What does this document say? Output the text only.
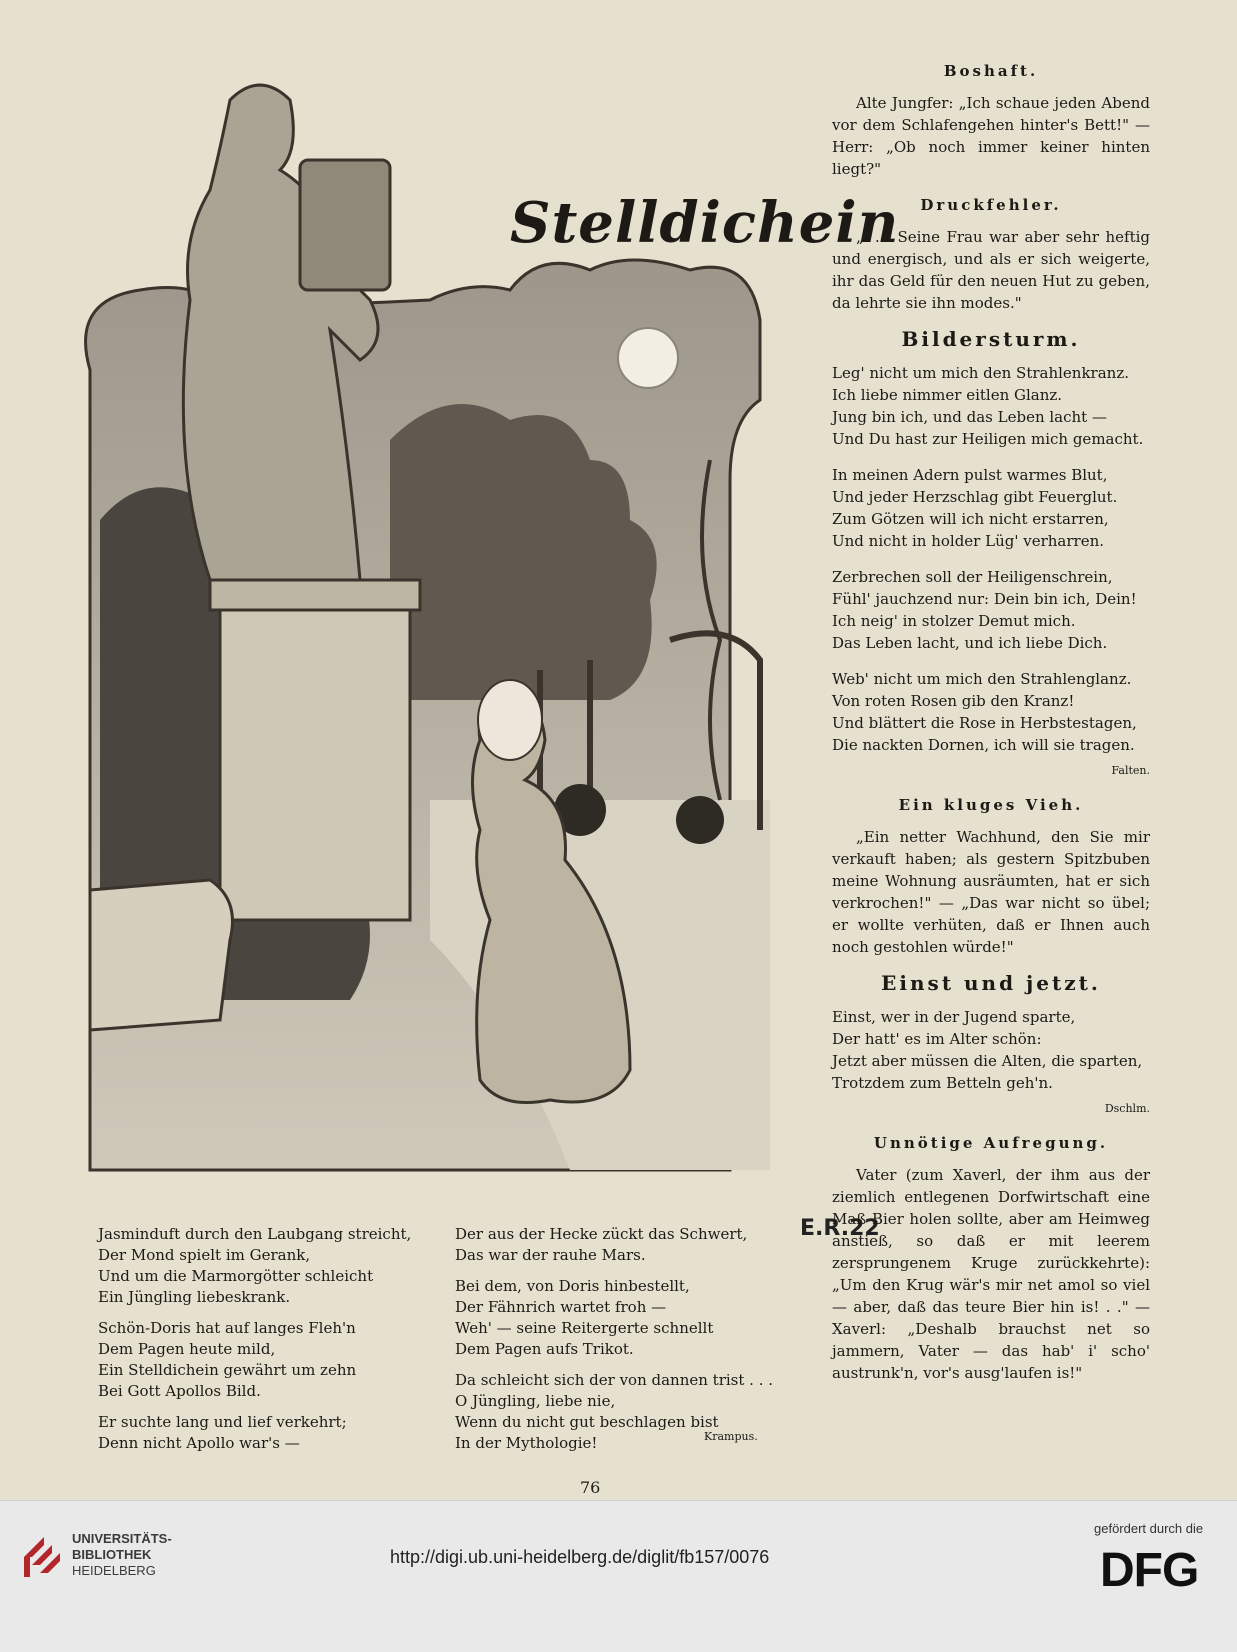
Stelldichein
E.R.22
Boshaft.

Alte Jungfer: „Ich schaue jeden Abend vor dem Schlafengehen hinter's Bett!" — Herr: „Ob noch immer keiner hinten liegt?"

Druckfehler.

„. . . Seine Frau war aber sehr heftig und energisch, und als er sich weigerte, ihr das Geld für den neuen Hut zu geben, da lehrte sie ihn modes."

Bildersturm.
Leg' nicht um mich den Strahlenkranz.
Ich liebe nimmer eitlen Glanz.
Jung bin ich, und das Leben lacht —
Und Du hast zur Heiligen mich gemacht.
In meinen Adern pulst warmes Blut,
Und jeder Herzschlag gibt Feuerglut.
Zum Götzen will ich nicht erstarren,
Und nicht in holder Lüg' verharren.
Zerbrechen soll der Heiligenschrein,
Fühl' jauchzend nur: Dein bin ich, Dein!
Ich neig' in stolzer Demut mich.
Das Leben lacht, und ich liebe Dich.
Web' nicht um mich den Strahlenglanz.
Von roten Rosen gib den Kranz!
Und blättert die Rose in Herbstestagen,
Die nackten Dornen, ich will sie tragen.
Falten.
Ein kluges Vieh.

„Ein netter Wachhund, den Sie mir verkauft haben; als gestern Spitzbuben meine Wohnung ausräumten, hat er sich verkrochen!" — „Das war nicht so übel; er wollte verhüten, daß er Ihnen auch noch gestohlen würde!"

Einst und jetzt.
Einst, wer in der Jugend sparte,
Der hatt' es im Alter schön:
Jetzt aber müssen die Alten, die sparten,
Trotzdem zum Betteln geh'n.
Dschlm.
Unnötige Aufregung.

Vater (zum Xaverl, der ihm aus der ziemlich entlegenen Dorfwirtschaft eine Maß Bier holen sollte, aber am Heimweg anstieß, so daß er mit leerem zersprungenem Kruge zurückkehrte): „Um den Krug wär's mir net amol so viel — aber, daß das teure Bier hin is! . ." — Xaverl: „Deshalb brauchst net so jammern, Vater — das hab' i' scho' austrunk'n, vor's ausg'laufen is!"

Jasminduft durch den Laubgang streicht,
Der Mond spielt im Gerank,
Und um die Marmorgötter schleicht
Ein Jüngling liebeskrank.
Schön-Doris hat auf langes Fleh'n
Dem Pagen heute mild,
Ein Stelldichein gewährt um zehn
Bei Gott Apollos Bild.
Er suchte lang und lief verkehrt;
Denn nicht Apollo war's —
Der aus der Hecke zückt das Schwert,
Das war der rauhe Mars.
Bei dem, von Doris hinbestellt,
Der Fähnrich wartet froh —
Weh' — seine Reitergerte schnellt
Dem Pagen aufs Trikot.
Da schleicht sich der von dannen trist . . .
O Jüngling, liebe nie,
Wenn du nicht gut beschlagen bist
In der Mythologie!	Krampus.
76
UNIVERSITÄTS-
BIBLIOTHEK
HEIDELBERG
http://digi.ub.uni-heidelberg.de/diglit/fb157/0076
gefördert durch die
DFG
